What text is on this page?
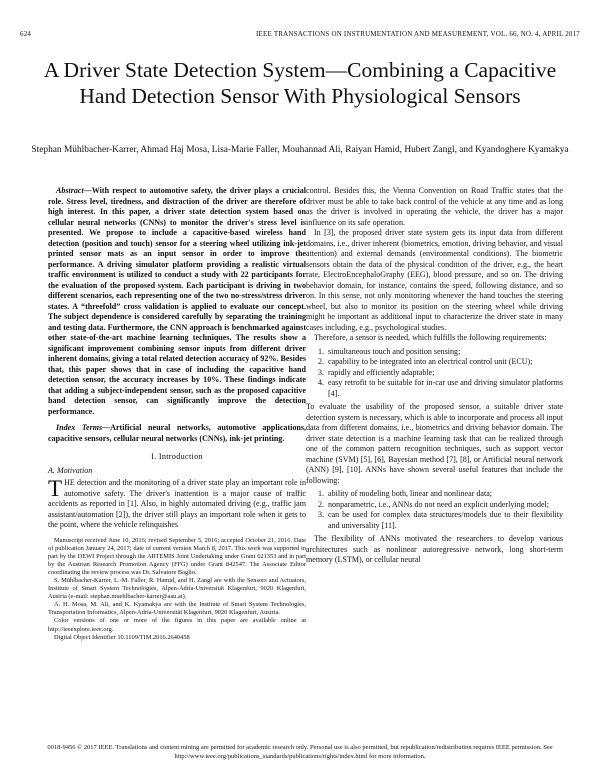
624	IEEE TRANSACTIONS ON INSTRUMENTATION AND MEASUREMENT, VOL. 66, NO. 4, APRIL 2017
A Driver State Detection System—Combining a Capacitive Hand Detection Sensor With Physiological Sensors
Stephan Mühlbacher-Karrer, Ahmad Haj Mosa, Lisa-Marie Faller, Mouhannad Ali, Raiyan Hamid, Hubert Zangl, and Kyandoghere Kyamakya

Abstract—With respect to automotive safety, the driver plays a crucial role. Stress level, tiredness, and distraction of the driver are therefore of high interest. In this paper, a driver state detection system based on cellular neural networks (CNNs) to monitor the driver's stress level is presented. We propose to include a capacitive-based wireless hand detection (position and touch) sensor for a steering wheel utilizing ink-jet printed sensor mats as an input sensor in order to improve the performance. A driving simulator platform providing a realistic virtual traffic environment is utilized to conduct a study with 22 participants for the evaluation of the proposed system. Each participant is driving in two different scenarios, each representing one of the two no-stress/stress driver states. A “threefold” cross validation is applied to evaluate our concept. The subject dependence is considered carefully by separating the training and testing data. Furthermore, the CNN approach is benchmarked against other state-of-the-art machine learning techniques. The results show a significant improvement combining sensor inputs from different driver inherent domains, giving a total related detection accuracy of 92%. Besides that, this paper shows that in case of including the capacitive hand detection sensor, the accuracy increases by 10%. These findings indicate that adding a subject-independent sensor, such as the proposed capacitive hand detection sensor, can significantly improve the detection performance.

Index Terms—Artificial neural networks, automotive applications, capacitive sensors, cellular neural networks (CNNs), ink-jet printing.

I. Introduction
A. Motivation

THE detection and the monitoring of a driver state play an important role in automotive safety. The driver's inattention is a major cause of traffic accidents as reported in [1]. Also, in highly automated driving (e.g., traffic jam assistant/automation [2]), the driver still plays an important role when it gets to the point, where the vehicle relinquishes

Manuscript received June 10, 2016; revised September 5, 2016; accepted October 21, 2016. Date of publication January 24, 2017; date of current version March 8, 2017. This work was supported in part by the DEWI Project through the ARTEMIS Joint Undertaking under Grant 621353 and in part by the Austrian Research Promotion Agency (FFG) under Grant 842547. The Associate Editor coordinating the review process was Dr. Salvatore Baglio.

S. Mühlbacher-Karrer, L.-M. Faller, R. Hamid, and H. Zangl are with the Sensors and Actuators, Institute of Smart System Technologies, Alpen-Adria-Universität Klagenfurt, 9020 Klagenfurt, Austria (e-mail: stephan.muehlbacher-karrer@aau.at).

A. H. Mosa, M. Ali, and K. Kyamakya are with the Institute of Smart System Technologies, Transportation Informatics, Alpen-Adria-Universität Klagenfurt, 9020 Klagenfurt, Austria.

Color versions of one or more of the figures in this paper are available online at http://ieeexplore.ieee.org.

Digital Object Identifier 10.1109/TIM.2016.2640458

control. Besides this, the Vienna Convention on Road Traffic states that the driver must be able to take back control of the vehicle at any time and as long as the driver is involved in operating the vehicle, the driver has a major influence on its safe operation.

In [3], the proposed driver state system gets its input data from different domains, i.e., driver inherent (biometrics, emotion, driving behavior, and visual attention) and external demands (environmental conditions). The biometric sensors obtain the data of the physical condition of the driver, e.g., the heart rate, ElectroEncephaloGraphy (EEG), blood pressure, and so on. The driving behavior domain, for instance, contains the speed, following distance, and so on. In this sense, not only monitoring whenever the hand touches the steering wheel, but also to monitor its position on the steering wheel while driving might be important as additional input to characterize the driver state in many cases including, e.g., psychological studies.

Therefore, a sensor is needed, which fulfills the following requirements:

1. simultaneous touch and position sensing;
2. capability to be integrated into an electrical control unit (ECU);
3. rapidly and efficiently adaptable;
4. easy retrofit to be suitable for in-car use and driving simulator platforms [4].

To evaluate the usability of the proposed sensor, a suitable driver state detection system is necessary, which is able to incorporate and process all input data from different domains, i.e., biometrics and driving behavior domain. The driver state detection is a machine learning task that can be realized through one of the common pattern recognition techniques, such as support vector machine (SVM) [5], [6], Bayesian method [7], [8], or Artificial neural network (ANN) [9], [10]. ANNs have shown several useful features that include the following:

1. ability of modeling both, linear and nonlinear data;
2. nonparametric, i.e., ANNs do not need an explicit underlying model;
3. can be used for complex data structures/models due to their flexibility and universality [11].

The flexibility of ANNs motivated the researchers to develop various architectures such as nonlinear autoregressive network, long short-term memory (LSTM), or cellular neural

0018-9456 © 2017 IEEE. Translations and content mining are permitted for academic research only. Personal use is also permitted, but republication/redistribution requires IEEE permission. See http://www.ieee.org/publications_standards/publications/rights/index.html for more information.
